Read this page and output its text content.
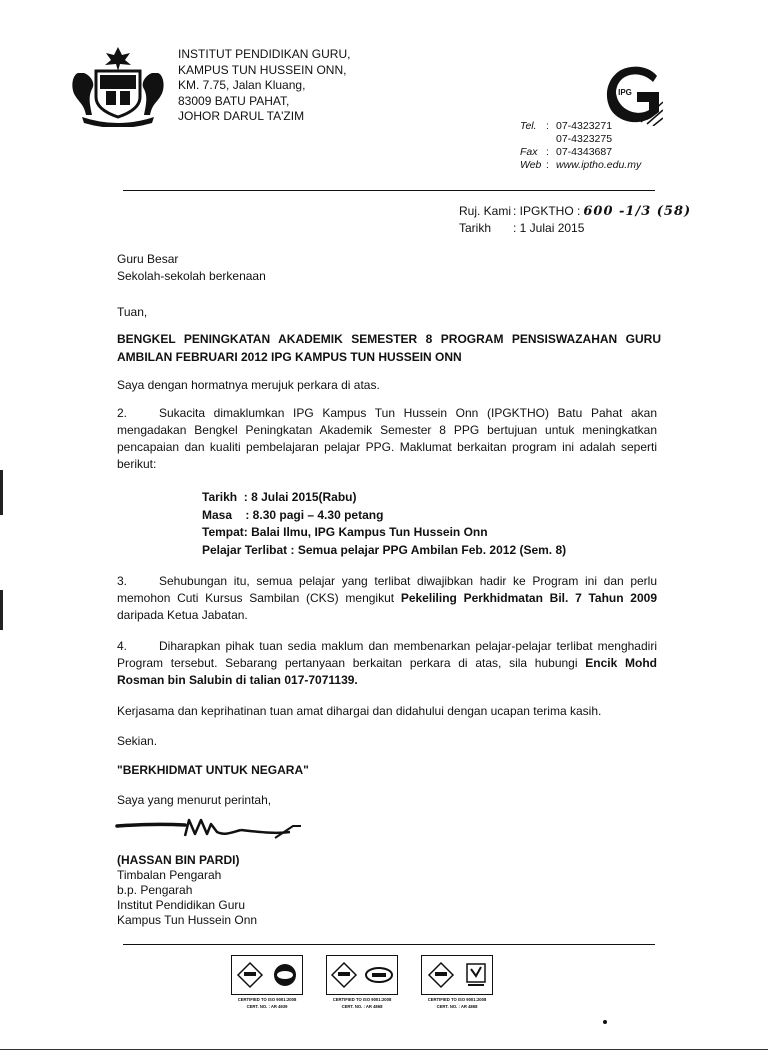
INSTITUT PENDIDIKAN GURU,
KAMPUS TUN HUSSEIN ONN,
KM. 7.75, Jalan Kluang,
83009 BATU PAHAT,
JOHOR DARUL TA'ZIM
IPG
Tel. : 07-4323271
07-4323275
Fax : 07-4343687
Web : www.iptho.edu.my
Ruj. Kami : IPGKTHO : 600 -1/3 (58)
Tarikh	: 1 Julai 2015
Guru Besar
Sekolah-sekolah berkenaan
Tuan,
BENGKEL PENINGKATAN AKADEMIK SEMESTER 8 PROGRAM PENSISWAZAHAN GURU AMBILAN FEBRUARI 2012 IPG KAMPUS TUN HUSSEIN ONN
Saya dengan hormatnya merujuk perkara di atas.
2.	Sukacita dimaklumkan IPG Kampus Tun Hussein Onn (IPGKTHO) Batu Pahat akan mengadakan Bengkel Peningkatan Akademik Semester 8 PPG bertujuan untuk meningkatkan pencapaian dan kualiti pembelajaran pelajar PPG. Maklumat berkaitan program ini adalah seperti berikut:
Tarikh  : 8 Julai 2015(Rabu)
Masa    : 8.30 pagi – 4.30 petang
Tempat: Balai Ilmu, IPG Kampus Tun Hussein Onn
Pelajar Terlibat : Semua pelajar PPG Ambilan Feb. 2012 (Sem. 8)
3.	Sehubungan itu, semua pelajar yang terlibat diwajibkan hadir ke Program ini dan perlu memohon Cuti Kursus Sambilan (CKS) mengikut Pekeliling Perkhidmatan Bil. 7 Tahun 2009 daripada Ketua Jabatan.
4.	Diharapkan pihak tuan sedia maklum dan membenarkan pelajar-pelajar terlibat menghadiri Program tersebut. Sebarang pertanyaan berkaitan perkara di atas, sila hubungi Encik Mohd Rosman bin Salubin di talian 017-7071139.
Kerjasama dan keprihatinan tuan amat dihargai dan didahului dengan ucapan terima kasih.
Sekian.
"BERKHIDMAT UNTUK NEGARA"
Saya yang menurut perintah,
(HASSAN BIN PARDI)
Timbalan Pengarah
b.p. Pengarah
Institut Pendidikan Guru
Kampus Tun Hussein Onn
CERTIFIED TO ISO 9001:2008
CERT. NO. : AR 4939
CERTIFIED TO ISO 9001:2008
CERT. NO. : AR 4868
CERTIFIED TO ISO 9001:2008
CERT. NO. : AR 4868
